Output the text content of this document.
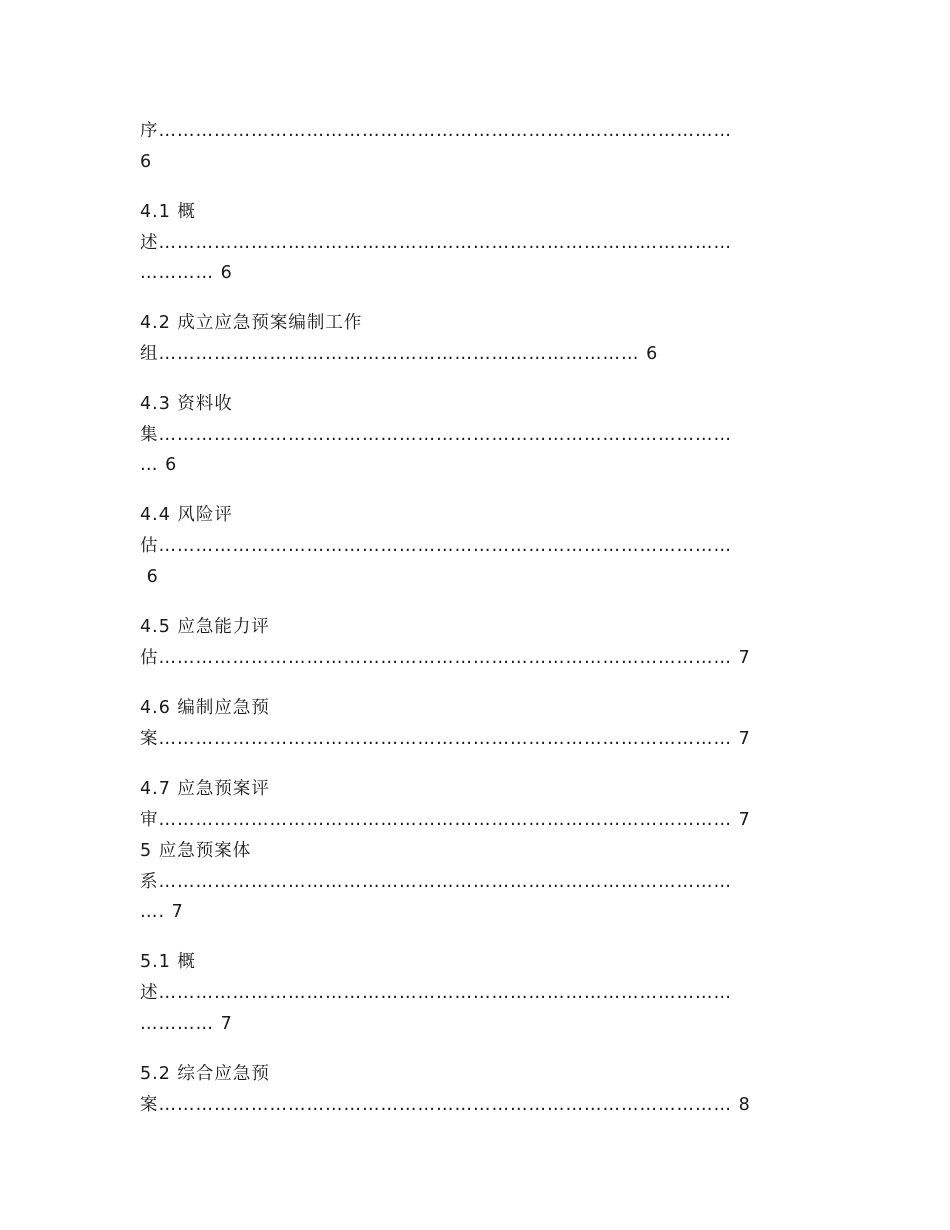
序…………………………………………………………………………………

6

4.1 概

述…………………………………………………………………………………

………… 6

4.2 成立应急预案编制工作

组…………………………………………………………………… 6

4.3 资料收

集…………………………………………………………………………………

… 6

4.4 风险评

估…………………………………………………………………………………

6

4.5 应急能力评

估………………………………………………………………………………… 7

4.6 编制应急预

案………………………………………………………………………………… 7

4.7 应急预案评

审………………………………………………………………………………… 7

5 应急预案体

系…………………………………………………………………………………

…. 7

5.1 概

述…………………………………………………………………………………

………… 7

5.2 综合应急预

案………………………………………………………………………………… 8
